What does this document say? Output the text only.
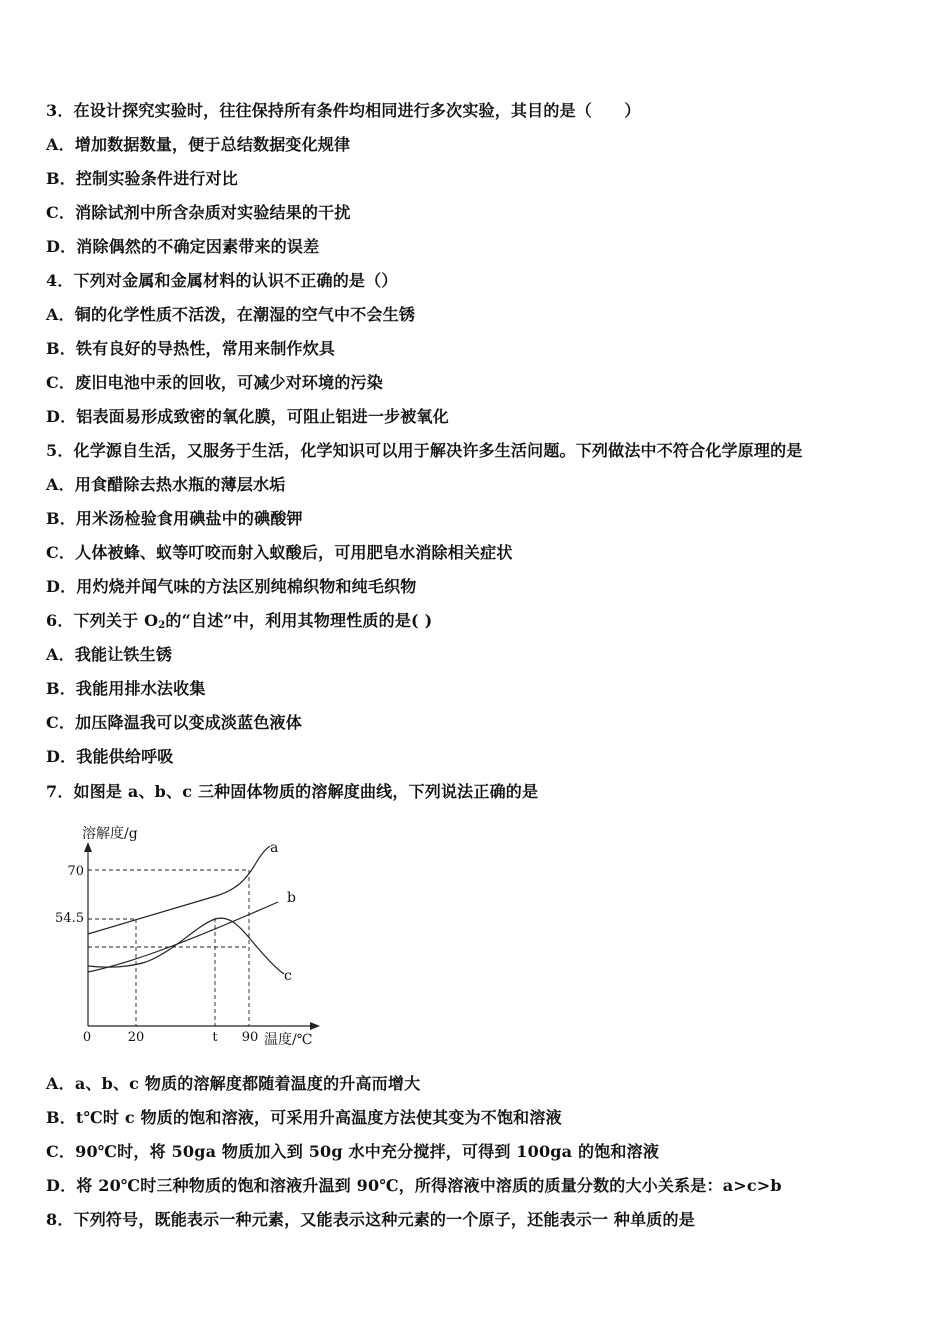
3．在设计探究实验时，往往保持所有条件均相同进行多次实验，其目的是（　　）
A．增加数据数量，便于总结数据变化规律
B．控制实验条件进行对比
C．消除试剂中所含杂质对实验结果的干扰
D．消除偶然的不确定因素带来的误差
4．下列对金属和金属材料的认识不正确的是（）
A．铜的化学性质不活泼，在潮湿的空气中不会生锈
B．铁有良好的导热性，常用来制作炊具
C．废旧电池中汞的回收，可减少对环境的污染
D．铝表面易形成致密的氧化膜，可阻止铝进一步被氧化
5．化学源自生活，又服务于生活，化学知识可以用于解决许多生活问题。下列做法中不符合化学原理的是
A．用食醋除去热水瓶的薄层水垢
B．用米汤检验食用碘盐中的碘酸钾
C．人体被蜂、蚁等叮咬而射入蚁酸后，可用肥皂水消除相关症状
D．用灼烧并闻气味的方法区别纯棉织物和纯毛织物
6．下列关于 $O_2$的“自述”中，利用其物理性质的是( )
A．我能让铁生锈
B．我能用排水法收集
C．加压降温我可以变成淡蓝色液体
D．我能供给呼吸
7．如图是 a、b、c 三种固体物质的溶解度曲线，下列说法正确的是
a
b
c
溶解度/g
温度/℃
70
54.5
0	20	t 90
A．a、b、c 物质的溶解度都随着温度的升高而增大
B．t℃时 c 物质的饱和溶液，可采用升高温度方法使其变为不饱和溶液
C．90℃时，将 50ga 物质加入到 50g 水中充分搅拌，可得到 100ga 的饱和溶液
D．将 20℃时三种物质的饱和溶液升温到 90℃，所得溶液中溶质的质量分数的大小关系是：a>c>b
8．下列符号，既能表示一种元素，又能表示这种元素的一个原子，还能表示一 种单质的是
